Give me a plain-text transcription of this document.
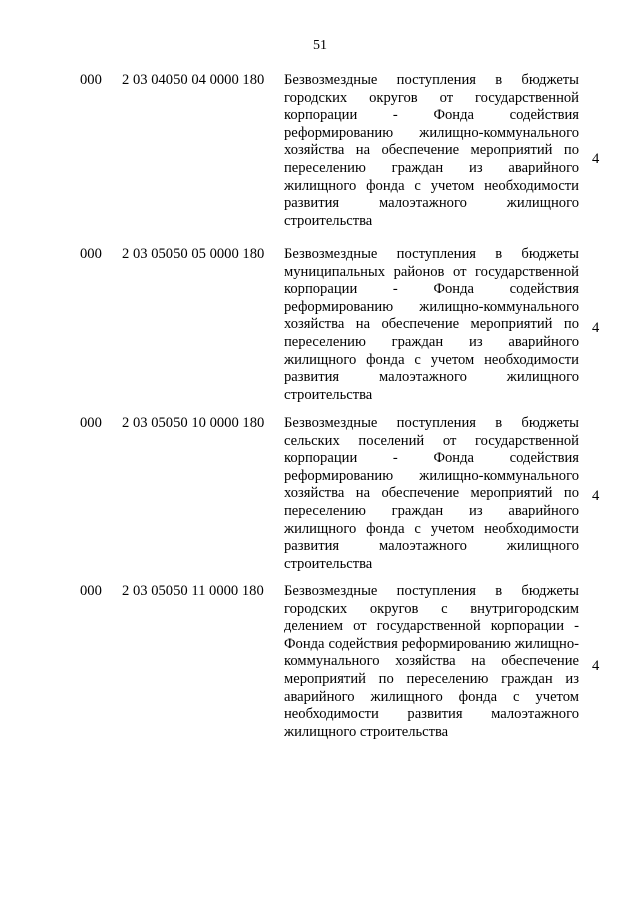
51
000 2 03 04050 04 0000 180 Безвозмездные поступления в бюджеты городских округов от государственной корпорации - Фонда содействия реформированию жилищно-коммунального хозяйства на обеспечение мероприятий по переселению граждан из аварийного жилищного фонда с учетом необходимости развития малоэтажного жилищного строительства
4
000 2 03 05050 05 0000 180 Безвозмездные поступления в бюджеты муниципальных районов от государственной корпорации - Фонда содействия реформированию жилищно-коммунального хозяйства на обеспечение мероприятий по переселению граждан из аварийного жилищного фонда с учетом необходимости развития малоэтажного жилищного строительства
4
000 2 03 05050 10 0000 180 Безвозмездные поступления в бюджеты сельских поселений от государственной корпорации - Фонда содействия реформированию жилищно-коммунального хозяйства на обеспечение мероприятий по переселению граждан из аварийного жилищного фонда с учетом необходимости развития малоэтажного жилищного строительства
4
000 2 03 05050 11 0000 180 Безвозмездные поступления в бюджеты городских округов с внутригородским делением от государственной корпорации - Фонда содействия реформированию жилищно-коммунального хозяйства на обеспечение мероприятий по переселению граждан из аварийного жилищного фонда с учетом необходимости развития малоэтажного жилищного строительства
4
